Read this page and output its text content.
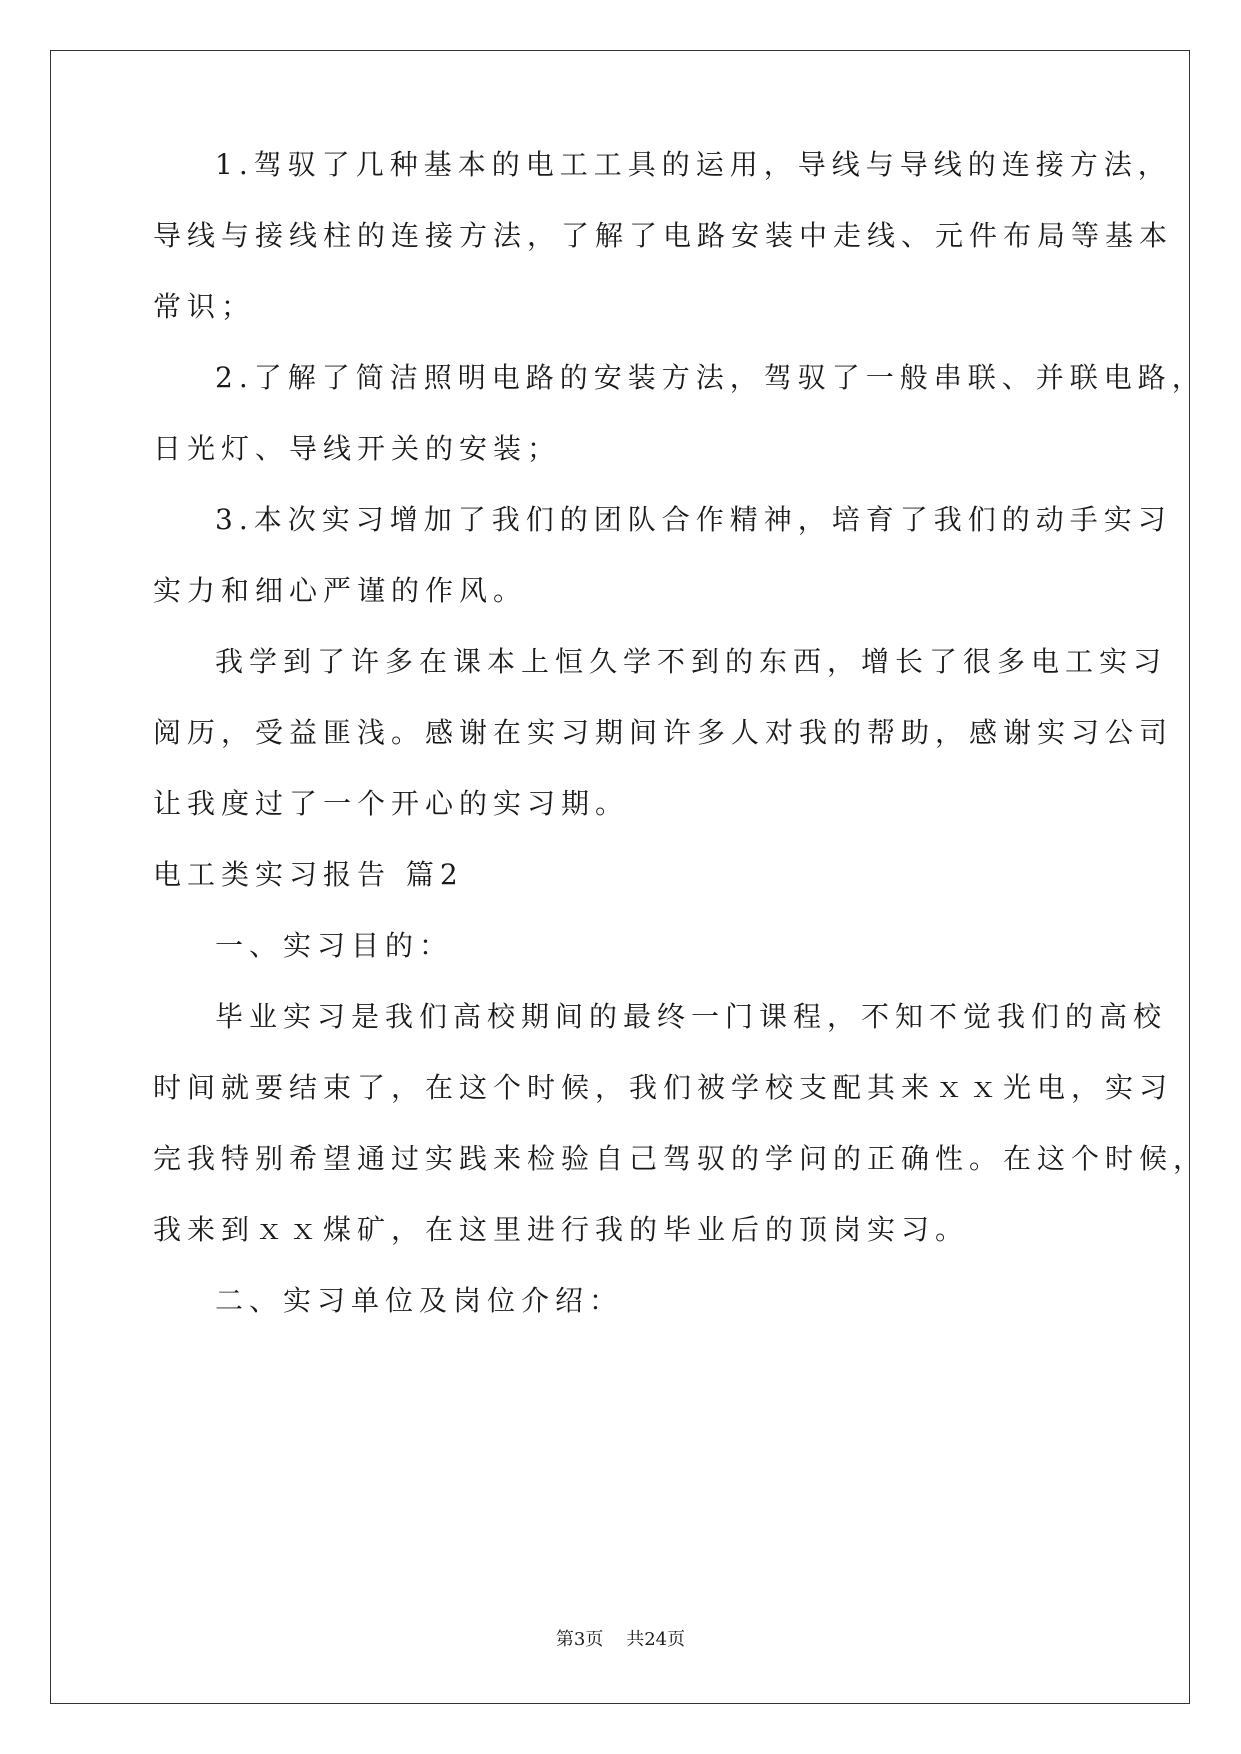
1.驾驭了几种基本的电工工具的运用，导线与导线的连接方法，
导线与接线柱的连接方法，了解了电路安装中走线、元件布局等基本
常识；
2.了解了简洁照明电路的安装方法，驾驭了一般串联、并联电路，
日光灯、导线开关的安装；
3.本次实习增加了我们的团队合作精神，培育了我们的动手实习
实力和细心严谨的作风。
我学到了许多在课本上恒久学不到的东西，增长了很多电工实习
阅历，受益匪浅。感谢在实习期间许多人对我的帮助，感谢实习公司
让我度过了一个开心的实习期。
电工类实习报告 篇2
一、实习目的：
毕业实习是我们高校期间的最终一门课程，不知不觉我们的高校
时间就要结束了，在这个时候，我们被学校支配其来ｘｘ光电，实习
完我特别希望通过实践来检验自己驾驭的学问的正确性。在这个时候，
我来到ｘｘ煤矿，在这里进行我的毕业后的顶岗实习。
二、实习单位及岗位介绍：
第3页    共24页
